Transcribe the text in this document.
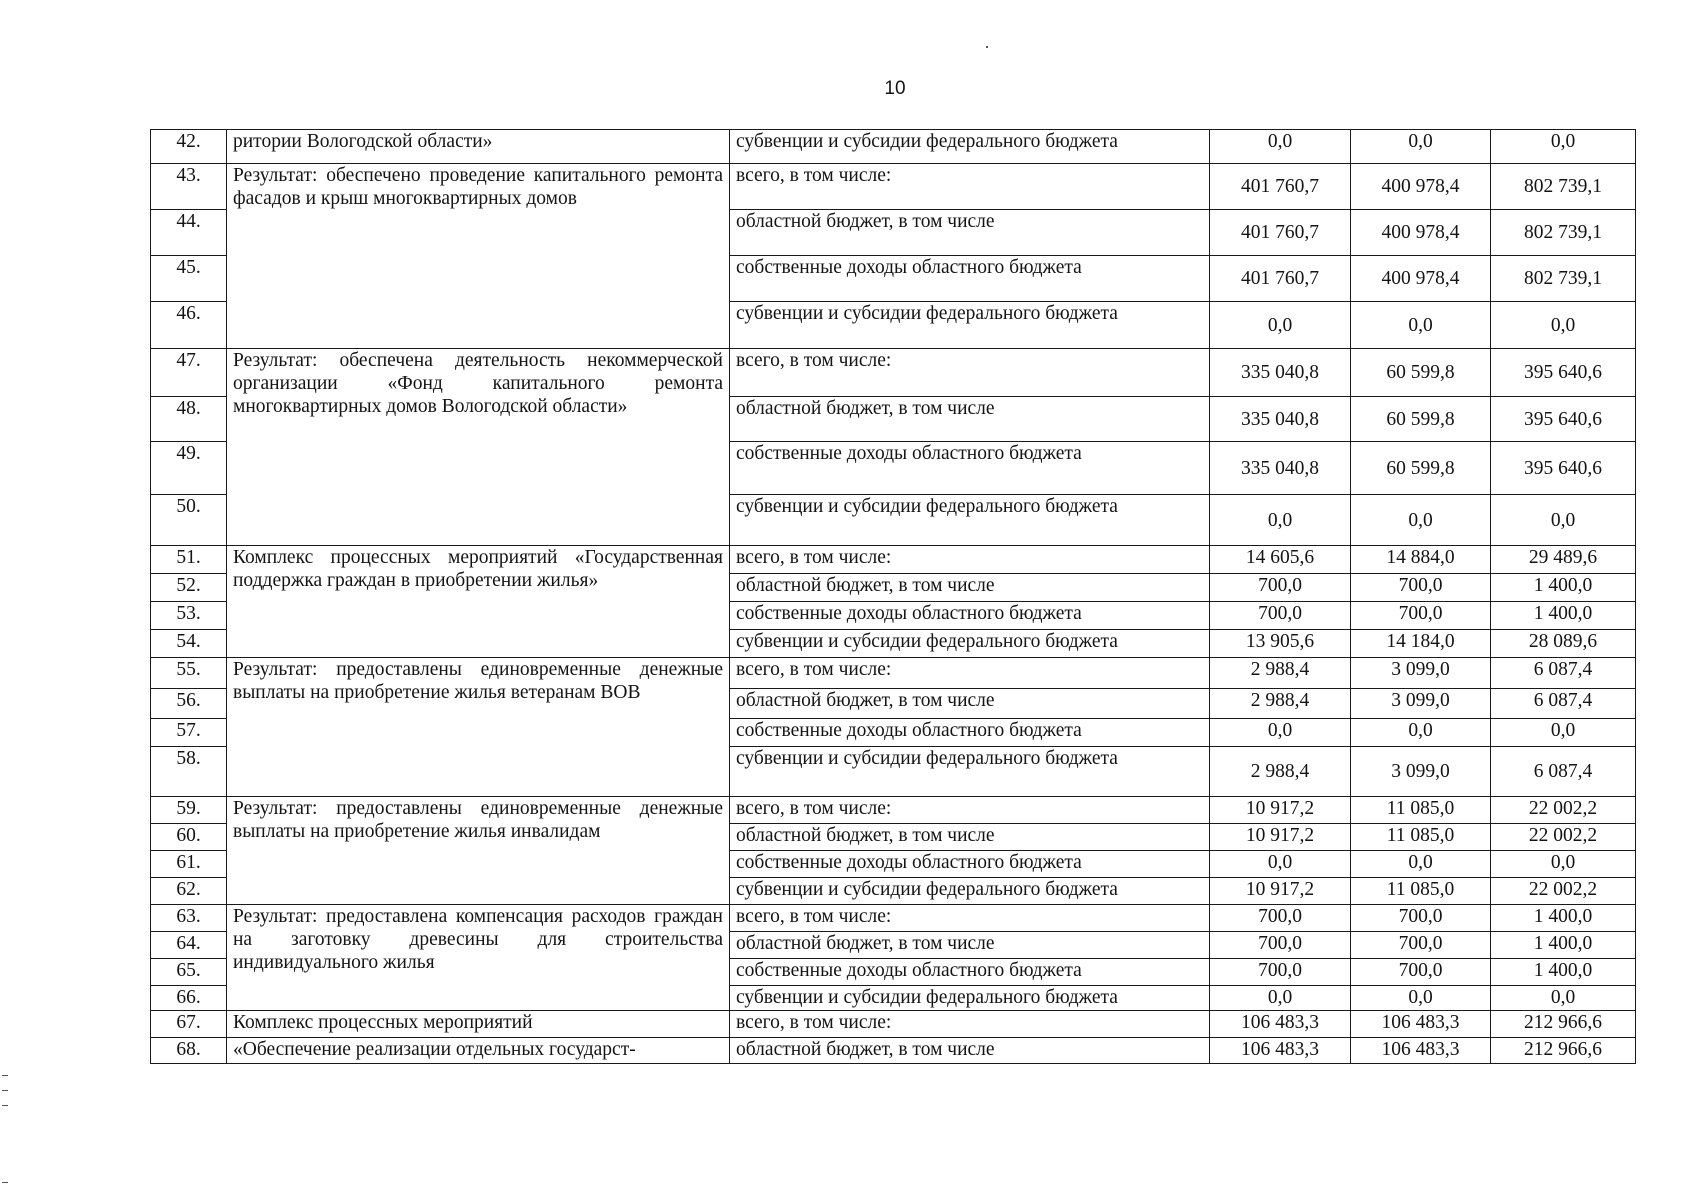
10
42.	ритории Вологодской области»	субвенции и субсидии федерального бюджета	0,0	0,0	0,0
43.	Результат: обеспечено проведение капитального ремонта фасадов и крыш многоквартирных домов	всего, в том числе:	401 760,7	400 978,4	802 739,1
44.		областной бюджет, в том числе	401 760,7	400 978,4	802 739,1
45.		собственные доходы областного бюджета	401 760,7	400 978,4	802 739,1
46.		субвенции и субсидии федерального бюджета	0,0	0,0	0,0
47.	Результат: обеспечена деятельность некоммерческой организации «Фонд капитального ремонта многоквартирных домов Вологодской области»	всего, в том числе:	335 040,8	60 599,8	395 640,6
48.		областной бюджет, в том числе	335 040,8	60 599,8	395 640,6
49.		собственные доходы областного бюджета	335 040,8	60 599,8	395 640,6
50.		субвенции и субсидии федерального бюджета	0,0	0,0	0,0
51.	Комплекс процессных мероприятий «Государственная поддержка граждан в приобретении жилья»	всего, в том числе:	14 605,6	14 884,0	29 489,6
52.		областной бюджет, в том числе	700,0	700,0	1 400,0
53.		собственные доходы областного бюджета	700,0	700,0	1 400,0
54.		субвенции и субсидии федерального бюджета	13 905,6	14 184,0	28 089,6
55.	Результат: предоставлены единовременные денежные выплаты на приобретение жилья ветеранам ВОВ	всего, в том числе:	2 988,4	3 099,0	6 087,4
56.		областной бюджет, в том числе	2 988,4	3 099,0	6 087,4
57.		собственные доходы областного бюджета	0,0	0,0	0,0
58.		субвенции и субсидии федерального бюджета	2 988,4	3 099,0	6 087,4
59.	Результат: предоставлены единовременные денежные выплаты на приобретение жилья инвалидам	всего, в том числе:	10 917,2	11 085,0	22 002,2
60.		областной бюджет, в том числе	10 917,2	11 085,0	22 002,2
61.		собственные доходы областного бюджета	0,0	0,0	0,0
62.		субвенции и субсидии федерального бюджета	10 917,2	11 085,0	22 002,2
63.	Результат: предоставлена компенсация расходов граждан на заготовку древесины для строительства индивидуального жилья	всего, в том числе:	700,0	700,0	1 400,0
64.		областной бюджет, в том числе	700,0	700,0	1 400,0
65.		собственные доходы областного бюджета	700,0	700,0	1 400,0
66.		субвенции и субсидии федерального бюджета	0,0	0,0	0,0
67.	Комплекс процессных мероприятий	всего, в том числе:	106 483,3	106 483,3	212 966,6
68.	«Обеспечение реализации отдельных государст-	областной бюджет, в том числе	106 483,3	106 483,3	212 966,6
